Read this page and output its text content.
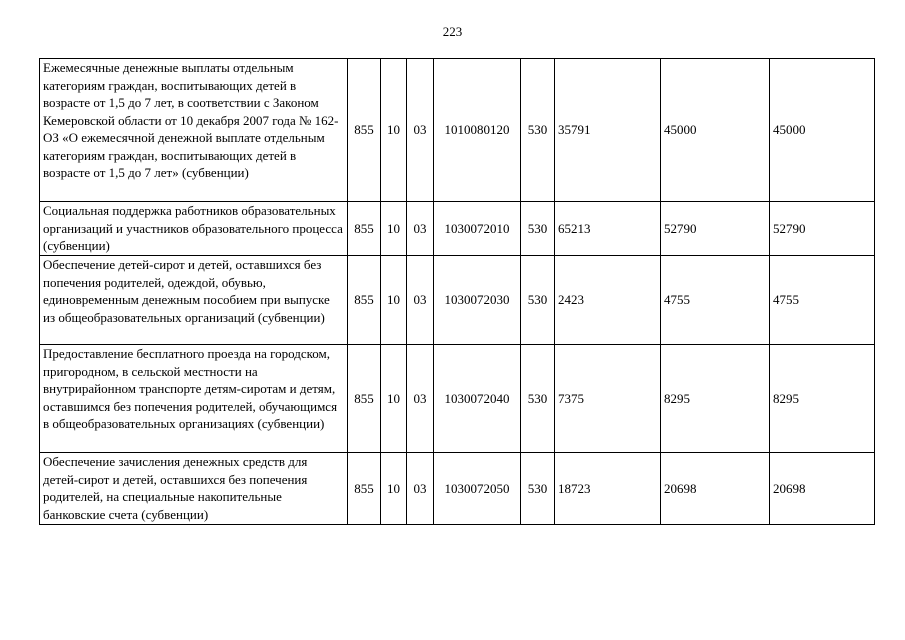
223
Ежемесячные денежные выплаты отдельным категориям граждан, воспитывающих детей в возрасте от 1,5 до 7 лет, в соответствии с Законом Кемеровской области от 10 декабря 2007 года № 162-ОЗ «О ежемесячной денежной выплате отдельным категориям граждан, воспитывающих детей в возрасте от 1,5 до 7 лет» (субвенции)	855	10	03	1010080120	530	35791	45000	45000
Социальная поддержка работников образовательных организаций и участников образовательного процесса (субвенции)	855	10	03	1030072010	530	65213	52790	52790
Обеспечение детей-сирот и детей, оставшихся без попечения родителей, одеждой, обувью, единовременным денежным пособием при выпуске из общеобразовательных организаций (субвенции)	855	10	03	1030072030	530	2423	4755	4755
Предоставление бесплатного проезда на городском, пригородном, в сельской местности на внутрирайонном транспорте детям-сиротам и детям, оставшимся без попечения родителей, обучающимся в общеобразовательных организациях (субвенции)	855	10	03	1030072040	530	7375	8295	8295
Обеспечение зачисления денежных средств для детей-сирот и детей, оставшихся без попечения родителей, на специальные накопительные банковские счета (субвенции)	855	10	03	1030072050	530	18723	20698	20698
